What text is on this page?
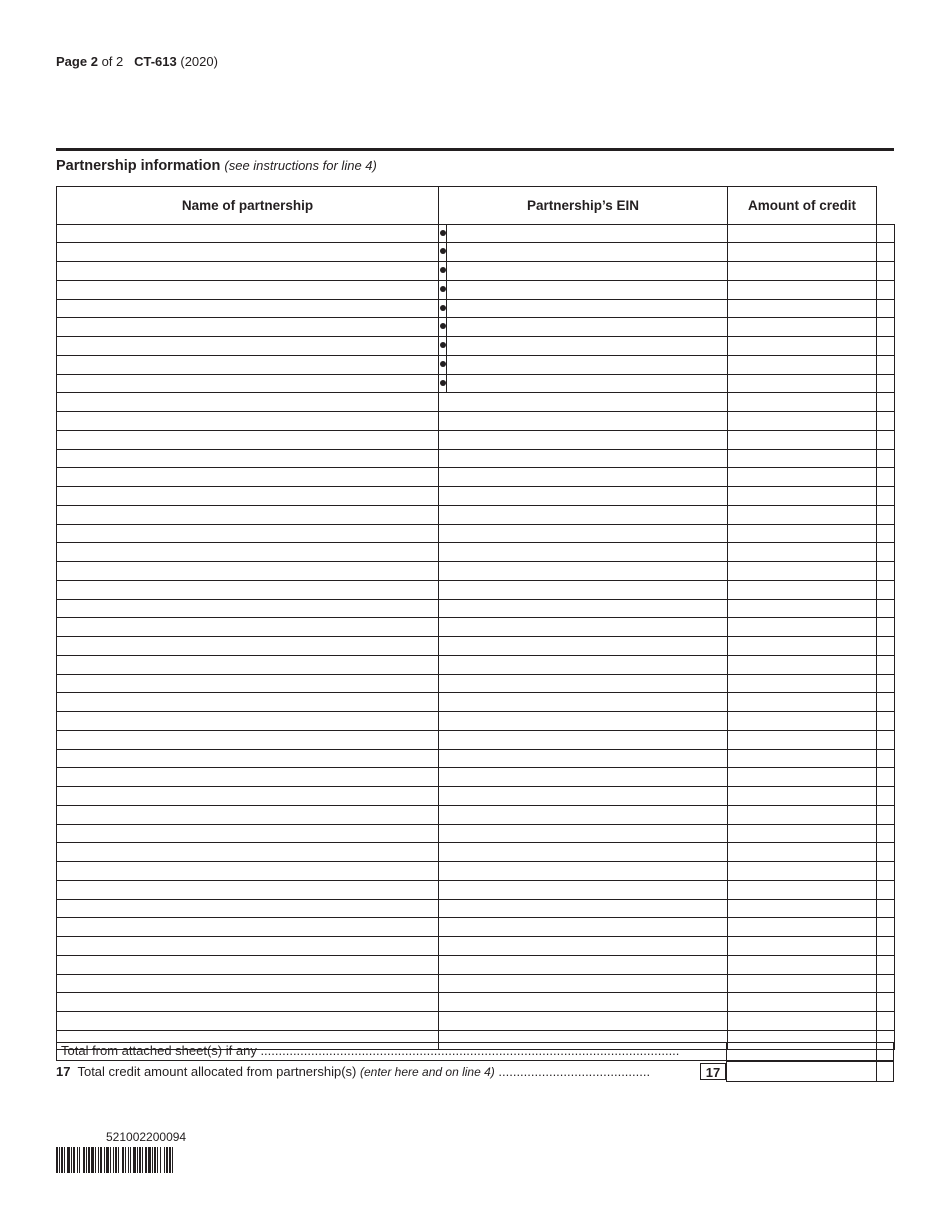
Page 2 of 2 CT-613 (2020)
Partnership information (see instructions for line 4)
Name of partnership	Partnership’s EIN	Amount of credit	

Total from attached sheet(s) if any ....................................................................................................................
17 Total credit amount allocated from partnership(s) (enter here and on line 4) ..........................................	17
521002200094
